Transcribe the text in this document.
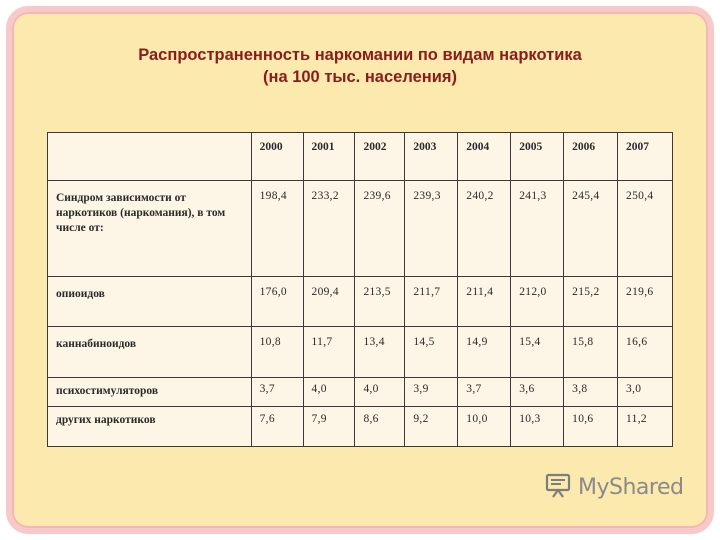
Распространенность наркомании по видам наркотика
(на 100 тыс. населения)
	2000	2001	2002	2003	2004	2005	2006	2007
Синдром зависимости от наркотиков (наркомания), в том числе от:	198,4	233,2	239,6	239,3	240,2	241,3	245,4	250,4
опиоидов	176,0	209,4	213,5	211,7	211,4	212,0	215,2	219,6
каннабиноидов	10,8	11,7	13,4	14,5	14,9	15,4	15,8	16,6
психостимуляторов	3,7	4,0	4,0	3,9	3,7	3,6	3,8	3,0
других наркотиков	7,6	7,9	8,6	9,2	10,0	10,3	10,6	11,2
MyShared
